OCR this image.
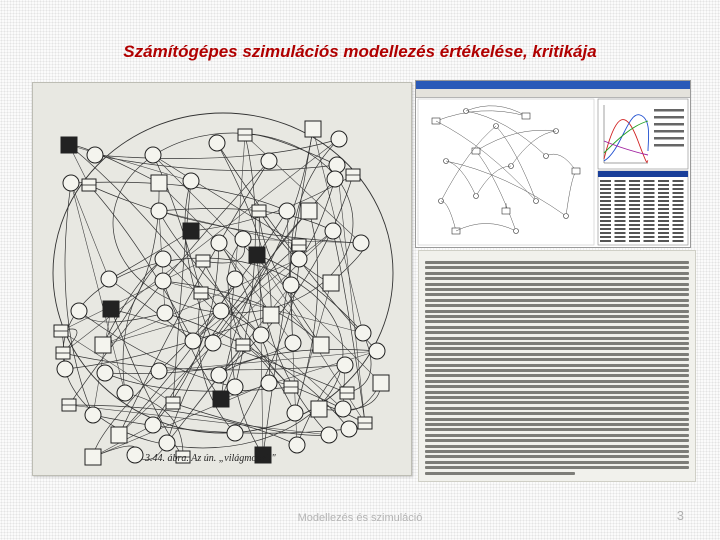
Számítógépes szimulációs modellezés értékelése, kritikája
3.44. ábra. Az ún. „világmodell"
Modellezés és szimuláció	3
